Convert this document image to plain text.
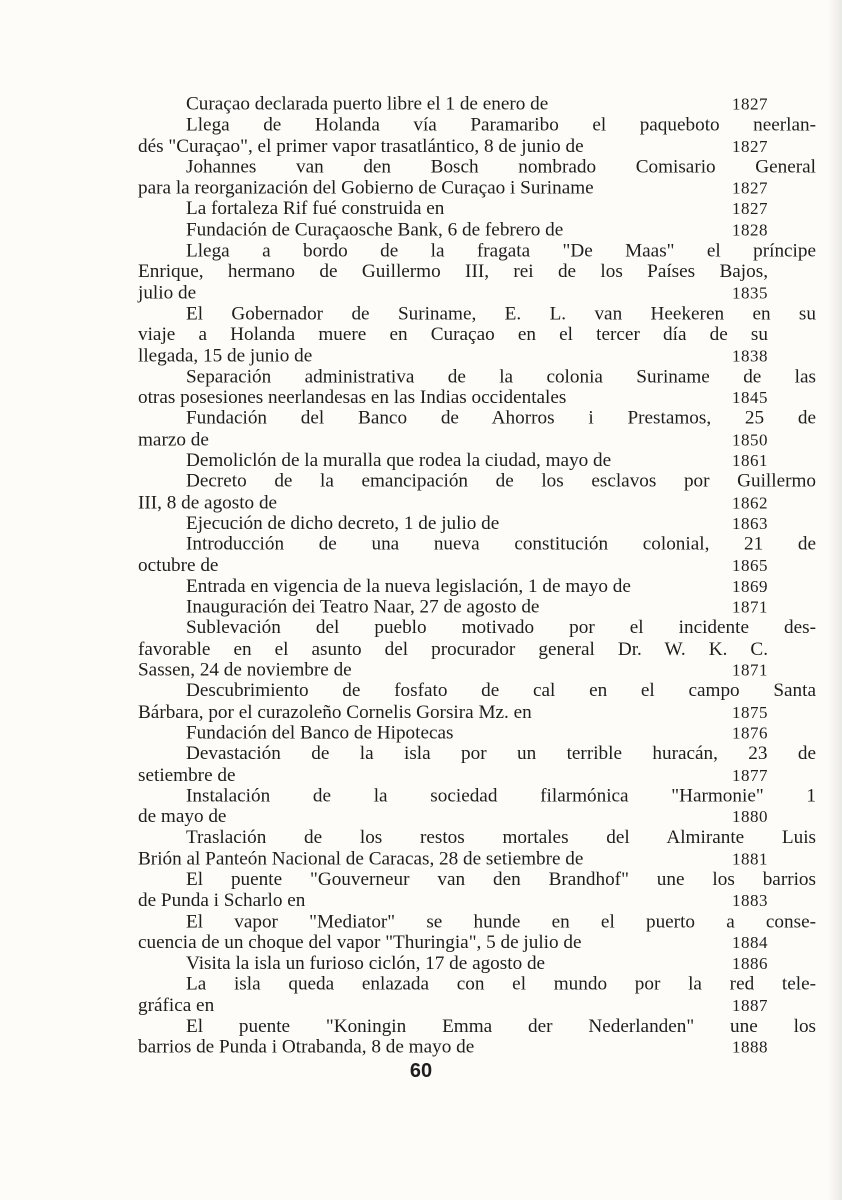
Curaçao declarada puerto libre el 1 de enero de	1827
Llega de Holanda vía Paramaribo el paqueboto neerlan-
dés "Curaçao", el primer vapor trasatlántico, 8 de junio de	1827
Johannes van den Bosch nombrado Comisario General
para la reorganización del Gobierno de Curaçao i Suriname	1827
La fortaleza Rif fué construida en	1827
Fundación de Curaçaosche Bank, 6 de febrero de	1828
Llega a bordo de la fragata "De Maas" el príncipe
Enrique, hermano de Guillermo III, rei de los Países Bajos,
julio de	1835
El Gobernador de Suriname, E. L. van Heekeren en su
viaje a Holanda muere en Curaçao en el tercer día de su
llegada, 15 de junio de	1838
Separación administrativa de la colonia Suriname de las
otras posesiones neerlandesas en las Indias occidentales	1845
Fundación del Banco de Ahorros i Prestamos, 25 de
marzo de	1850
Demoliclón de la muralla que rodea la ciudad, mayo de	1861
Decreto de la emancipación de los esclavos por Guillermo
III, 8 de agosto de	1862
Ejecución de dicho decreto, 1 de julio de	1863
Introducción de una nueva constitución colonial, 21 de
octubre de	1865
Entrada en vigencia de la nueva legislación, 1 de mayo de	1869
Inauguración dei Teatro Naar, 27 de agosto de	1871
Sublevación del pueblo motivado por el incidente des-
favorable en el asunto del procurador general Dr. W. K. C.
Sassen, 24 de noviembre de	1871
Descubrimiento de fosfato de cal en el campo Santa
Bárbara, por el curazoleño Cornelis Gorsira Mz. en	1875
Fundación del Banco de Hipotecas	1876
Devastación de la isla por un terrible huracán, 23 de
setiembre de	1877
Instalación de la sociedad filarmónica "Harmonie" 1
de mayo de	1880
Traslación de los restos mortales del Almirante Luis
Brión al Panteón Nacional de Caracas, 28 de setiembre de	1881
El puente "Gouverneur van den Brandhof" une los barrios
de Punda i Scharlo en	1883
El vapor "Mediator" se hunde en el puerto a conse-
cuencia de un choque del vapor "Thuringia", 5 de julio de	1884
Visita la isla un furioso ciclón, 17 de agosto de	1886
La isla queda enlazada con el mundo por la red tele-
gráfica en	1887
El puente "Koningin Emma der Nederlanden" une los
barrios de Punda i Otrabanda, 8 de mayo de	1888
60
